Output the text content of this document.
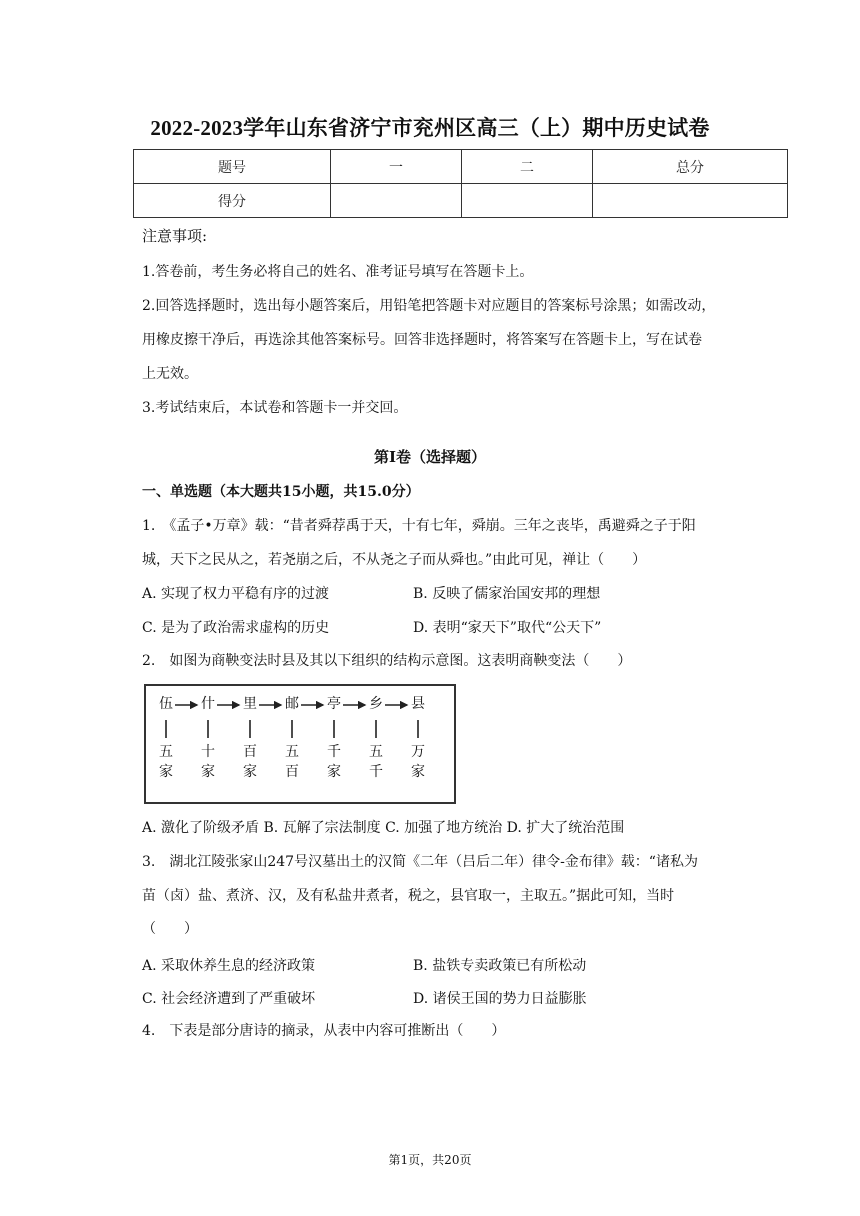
2022-2023学年山东省济宁市兖州区高三（上）期中历史试卷
题号	一	二	总分
得分			
注意事项:
1.答卷前，考生务必将自己的姓名、准考证号填写在答题卡上。
2.回答选择题时，选出每小题答案后，用铅笔把答题卡对应题目的答案标号涂黑；如需改动，
用橡皮擦干净后，再选涂其他答案标号。回答非选择题时，将答案写在答题卡上，写在试卷
上无效。
3.考试结束后，本试卷和答题卡一并交回。
第I卷（选择题）
一、单选题（本大题共15小题，共15.0分）
1.　《孟子•万章》载：“昔者舜荐禹于天，十有七年，舜崩。三年之丧毕，禹避舜之子于阳
城，天下之民从之，若尧崩之后，不从尧之子而从舜也。”由此可见，禅让（　　）
A. 实现了权力平稳有序的过渡	B. 反映了儒家治国安邦的理想
C. 是为了政治需求虚构的历史	D. 表明“家天下”取代“公天下”
2.　如图为商鞅变法时县及其以下组织的结构示意图。这表明商鞅变法（　　）
伍
五家
什
十家
里
百家
邮
五百
亭
千家
乡
五千
县
万家
A. 激化了阶级矛盾 B. 瓦解了宗法制度 C. 加强了地方统治 D. 扩大了统治范围
3.　湖北江陵张家山247号汉墓出土的汉简《二年（吕后二年）律令-金布律》载：“诸私为
苗（卤）盐、煮济、汉，及有私盐井煮者，税之，县官取一，主取五。”据此可知，当时
（　　）
A. 采取休养生息的经济政策	B. 盐铁专卖政策已有所松动
C. 社会经济遭到了严重破坏	D. 诸侯王国的势力日益膨胀
4.　下表是部分唐诗的摘录，从表中内容可推断出（　　）
第1页，共20页
